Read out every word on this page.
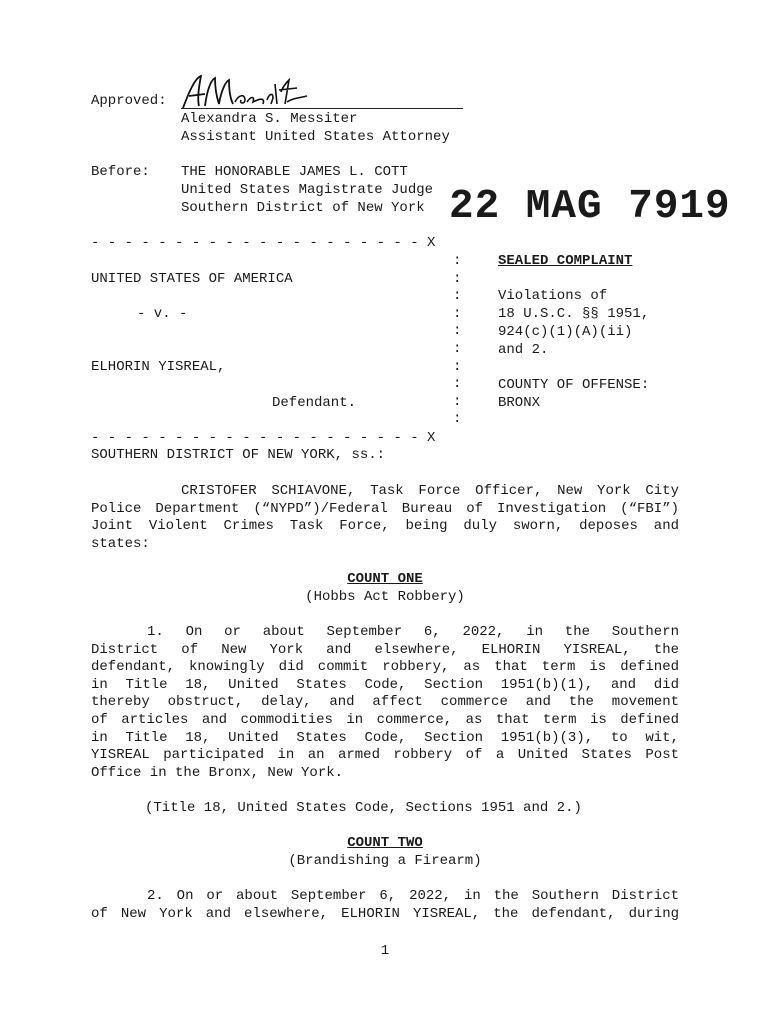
Approved:
Alexandra S. Messiter
Assistant United States Attorney
Before: THE HONORABLE JAMES L. COTT
United States Magistrate Judge
Southern District of New York 22 MAG 7919
- - - - - - - - - - - - - - - - - - - - X
:
:
:
:
:
:
:
:
:
:
SEALED COMPLAINT
UNITED STATES OF AMERICA
Violations of
- v. -	18 U.S.C. §§ 1951,
924(c)(1)(A)(ii)
and 2.
ELHORIN YISREAL,
COUNTY OF OFFENSE:
Defendant.	BRONX
- - - - - - - - - - - - - - - - - - - - X
SOUTHERN DISTRICT OF NEW YORK, ss.:
CRISTOFER SCHIAVONE, Task Force Officer, New York City
Police Department (“NYPD”)/Federal Bureau of Investigation (“FBI”)
Joint Violent Crimes Task Force, being duly sworn, deposes and
states:
COUNT ONE
(Hobbs Act Robbery)
1. On or about September 6, 2022, in the Southern
District of New York and elsewhere, ELHORIN YISREAL, the
defendant, knowingly did commit robbery, as that term is defined
in Title 18, United States Code, Section 1951(b)(1), and did
thereby obstruct, delay, and affect commerce and the movement
of articles and commodities in commerce, as that term is defined
in Title 18, United States Code, Section 1951(b)(3), to wit,
YISREAL participated in an armed robbery of a United States Post
Office in the Bronx, New York.
(Title 18, United States Code, Sections 1951 and 2.)
COUNT TWO
(Brandishing a Firearm)
2. On or about September 6, 2022, in the Southern District
of New York and elsewhere, ELHORIN YISREAL, the defendant, during
1
